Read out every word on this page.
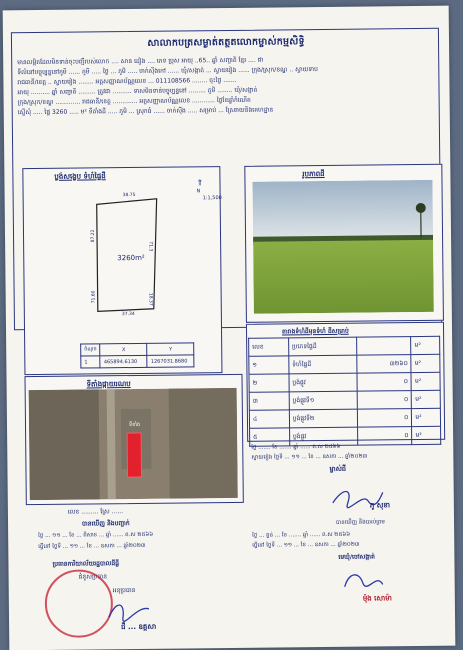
សាលាកបត្រសម្ងាត់តត្ថតលោកម្ចាស់កម្មសិទ្ធិ
មានលម្អិតដែលមិនទាន់ចុះបញ្ជីរបស់លោក .... សាន ដៀង .... ភេទ ប្រុស អាយុ ..65.. ឆ្នាំ សញ្ជាតិ ខ្មែរ .... ជា
ទីលំនៅបច្ចុប្បន្ននៅភូមិ ...... ភូមិ ..... ថ្ងៃ ... ភូមិ ..... ចាក់ស៊ីងកៅ ...... ឃុំ/សង្កាត់ ... ស្វាយរៀង ...... ក្រុង/ស្រុក/ខណ្ឌ .. ស្វាយទាប
រាជធានី/ខេត្ត .. ស្វាយរៀង ........ អត្តសញ្ញាណប័ណ្ណលេខ ... 011108566 ........ ចុះថ្ងៃ .......
អាយុ .......... ឆ្នាំ សញ្ជាតិ ......... ត្រូវជា .......... ទាសមិនទាន់បច្ចុប្បន្ននៅ ......... ភូមិ ........ ឃុំ/សង្កាត់
ក្រុង/ស្រុក/ខណ្ឌ ............. រាជធានី/ខេត្ត ............. អត្តសញ្ញាណប័ណ្ណលេខ ............ ថ្ងៃខែឆ្នាំកំណើត
ស្នើសុំ ..... ផ្ទៃ 3260 ..... ម² ទីតាំងដី ..... ភូមិ ... ស្រុកធំ ...... ចាក់ស៊ីង ..... សម្រាប់ ... ស្រែរាយនិងគេហដ្ឋាន
ប្លង់សង្ខេប ទំហំផ្ទៃដី
⇑
N
1:1,500
38.75
87.22
71.60
71.3
18.37
37.34
3260m²
ចំណុច	X	Y
1	465894.6130	1267031.8680
រូបភាពដី
ទីតាំងផ្កាយរណប
ទីតាំង
តារាងទំហំដីមុនទំហំ ដីសម្រាប់
លេខ	ប្រភេទផ្ទៃដី		ម²
១	ទំហំផ្ទៃដី	៣២៦០	ម²
២	ប្លង់ផ្លូវ	០	ម²
៣	ប្លង់ផ្លូវទី១	០	ម²
៤	ប្លង់ផ្លូវទី២	០	ម²
៥	ប្លង់ផ្លូវ	០	ម²
ថ្ងៃ ....... ខែ ....... ឆ្នាំ ...... ព.ស ២៥៦៦
ស្វាយរៀង ថ្ងៃទី ... ១១ ... ខែ ... ឧសភា ... ឆ្នាំ២០២៣
ម្ចាស់ដី
ភូ សុខា
បានឃើញ និងយល់ព្រម
ថ្ងៃ ... ធ្ងន់ ... ខែ ....... ឆ្នាំ ...... ព.ស ២៥៦៦
ធ្វើនៅ ថ្ងៃទី ... ១១ ... ខែ ... ឧសភា ... ឆ្នាំ២០២៣
មេឃុំ/ចៅសង្កាត់
ម៉ុង សោម៉ា
លេខ ......... ស្រែ ......
បានឃើញ និងបញ្ជាក់
ថ្ងៃ ... ១១ ... ខែ ... ពិសាខ ... ឆ្នាំ ...... ព.ស ២៥៦៦
ធ្វើនៅ ថ្ងៃទី ... ១១ ... ខែ ... ឧសភា ... ឆ្នាំ២០២៣
ប្រធានការិយាល័យរដ្ឋបាលដីធ្លី
ជំនួសប្រធាន
អនុប្រធាន
ជឹ ... ឧគ្គសា
